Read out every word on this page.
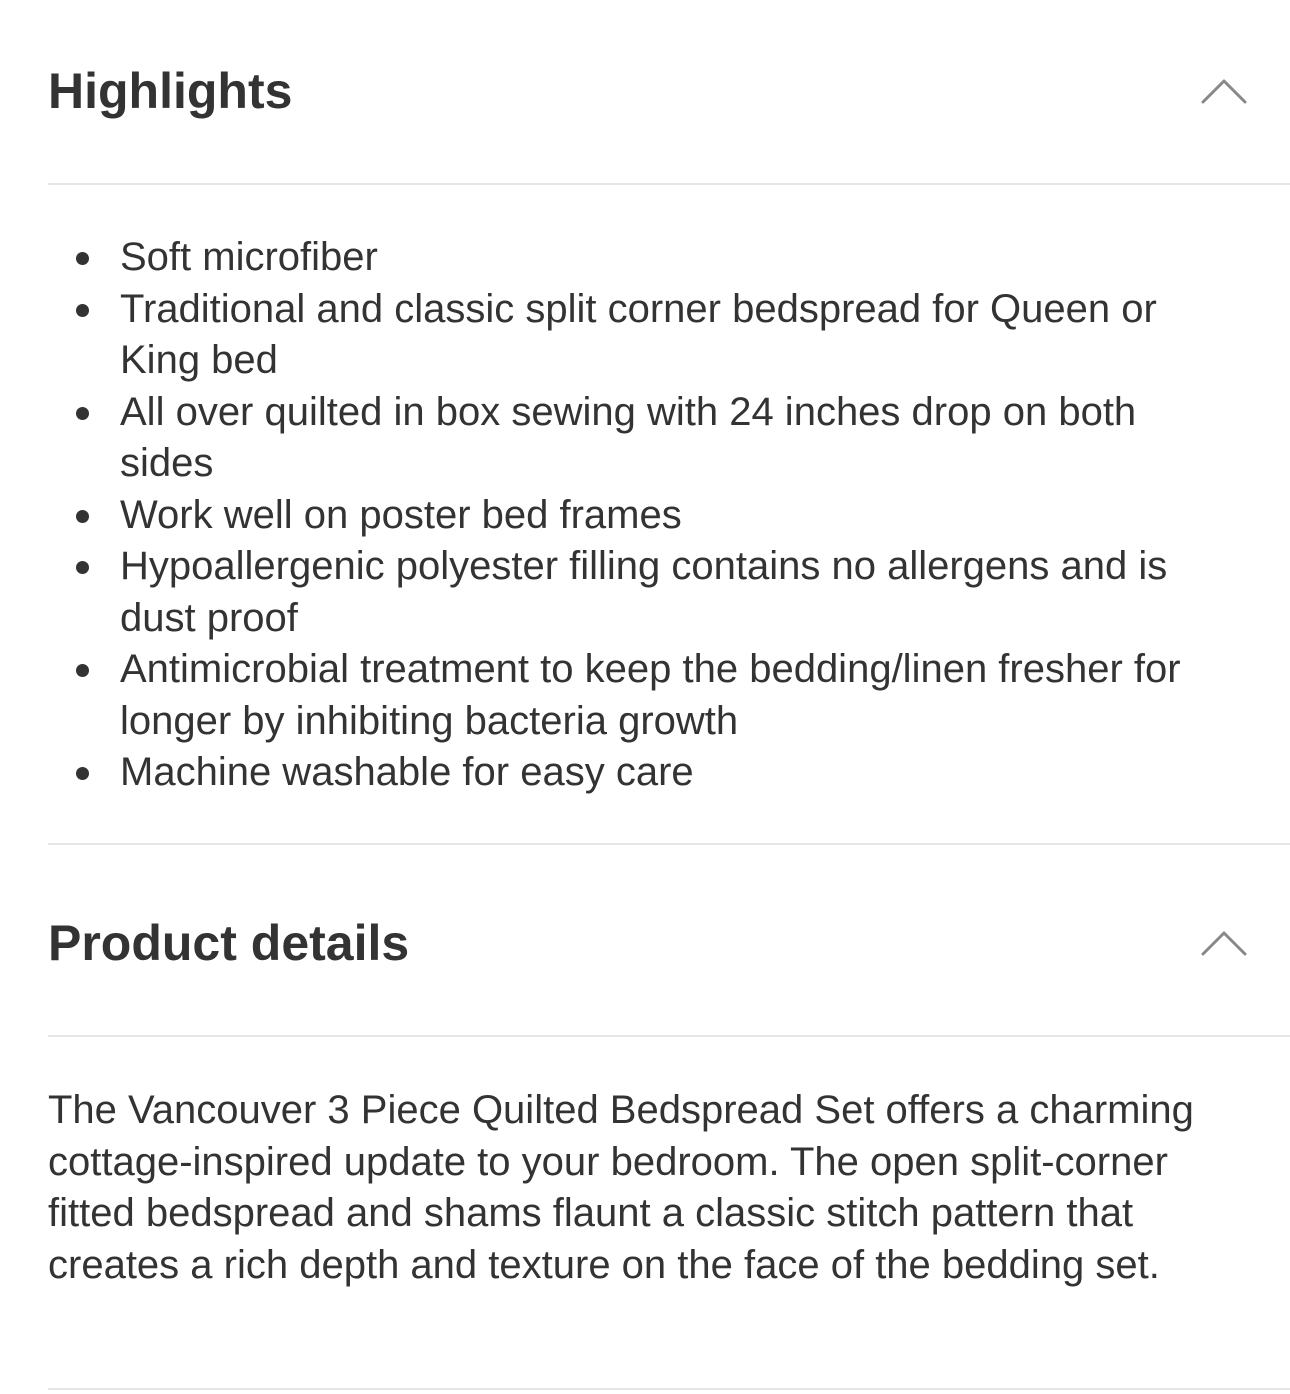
Highlights
Soft microfiber
Traditional and classic split corner bedspread for Queen or King bed
All over quilted in box sewing with 24 inches drop on both sides
Work well on poster bed frames
Hypoallergenic polyester filling contains no allergens and is dust proof
Antimicrobial treatment to keep the bedding/linen fresher for longer by inhibiting bacteria growth
Machine washable for easy care
Product details

The Vancouver 3 Piece Quilted Bedspread Set offers a charming cottage-inspired update to your bedroom. The open split-corner fitted bedspread and shams flaunt a classic stitch pattern that creates a rich depth and texture on the face of the bedding set.
